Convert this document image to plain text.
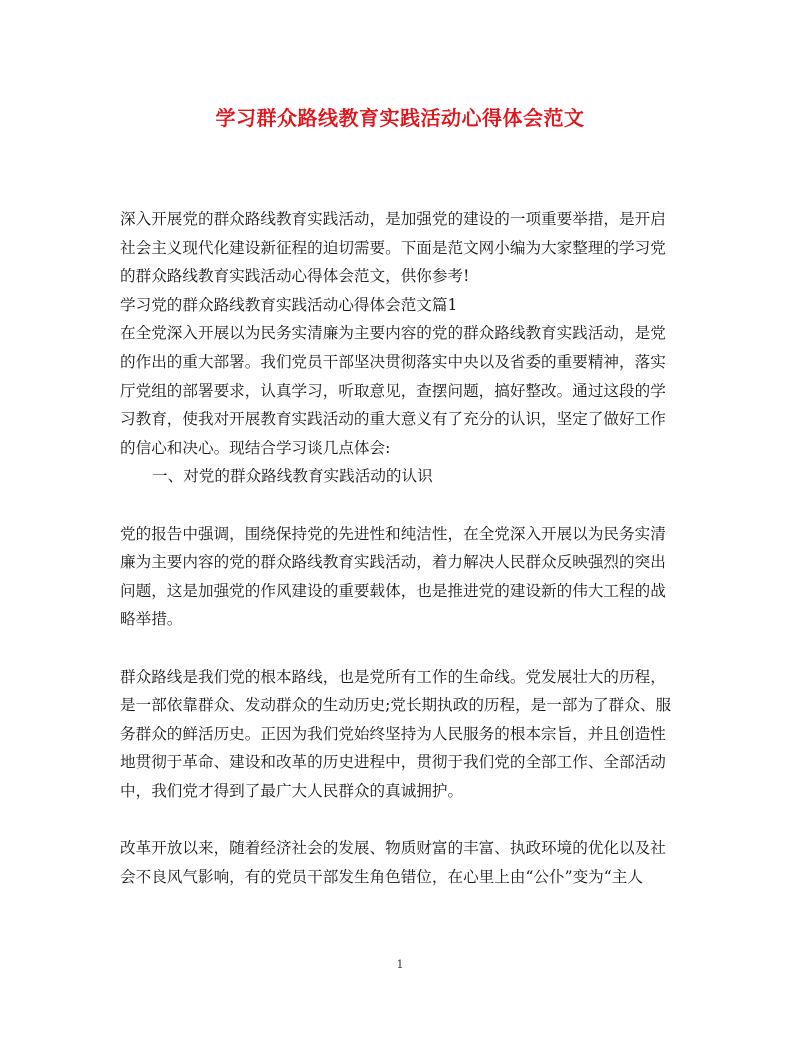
学习群众路线教育实践活动心得体会范文
深入开展党的群众路线教育实践活动，是加强党的建设的一项重要举措，是开启
社会主义现代化建设新征程的迫切需要。下面是范文网小编为大家整理的学习党
的群众路线教育实践活动心得体会范文，供你参考!
学习党的群众路线教育实践活动心得体会范文篇1
在全党深入开展以为民务实清廉为主要内容的党的群众路线教育实践活动，是党
的作出的重大部署。我们党员干部坚决贯彻落实中央以及省委的重要精神，落实
厅党组的部署要求，认真学习，听取意见，查摆问题，搞好整改。通过这段的学
习教育，使我对开展教育实践活动的重大意义有了充分的认识，坚定了做好工作
的信心和决心。现结合学习谈几点体会:
一、对党的群众路线教育实践活动的认识
党的报告中强调，围绕保持党的先进性和纯洁性，在全党深入开展以为民务实清
廉为主要内容的党的群众路线教育实践活动，着力解决人民群众反映强烈的突出
问题，这是加强党的作风建设的重要载体，也是推进党的建设新的伟大工程的战
略举措。
群众路线是我们党的根本路线，也是党所有工作的生命线。党发展壮大的历程，
是一部依靠群众、发动群众的生动历史;党长期执政的历程，是一部为了群众、服
务群众的鲜活历史。正因为我们党始终坚持为人民服务的根本宗旨，并且创造性
地贯彻于革命、建设和改革的历史进程中，贯彻于我们党的全部工作、全部活动
中，我们党才得到了最广大人民群众的真诚拥护。
改革开放以来，随着经济社会的发展、物质财富的丰富、执政环境的优化以及社
会不良风气影响，有的党员干部发生角色错位，在心里上由“公仆”变为“主人
1
